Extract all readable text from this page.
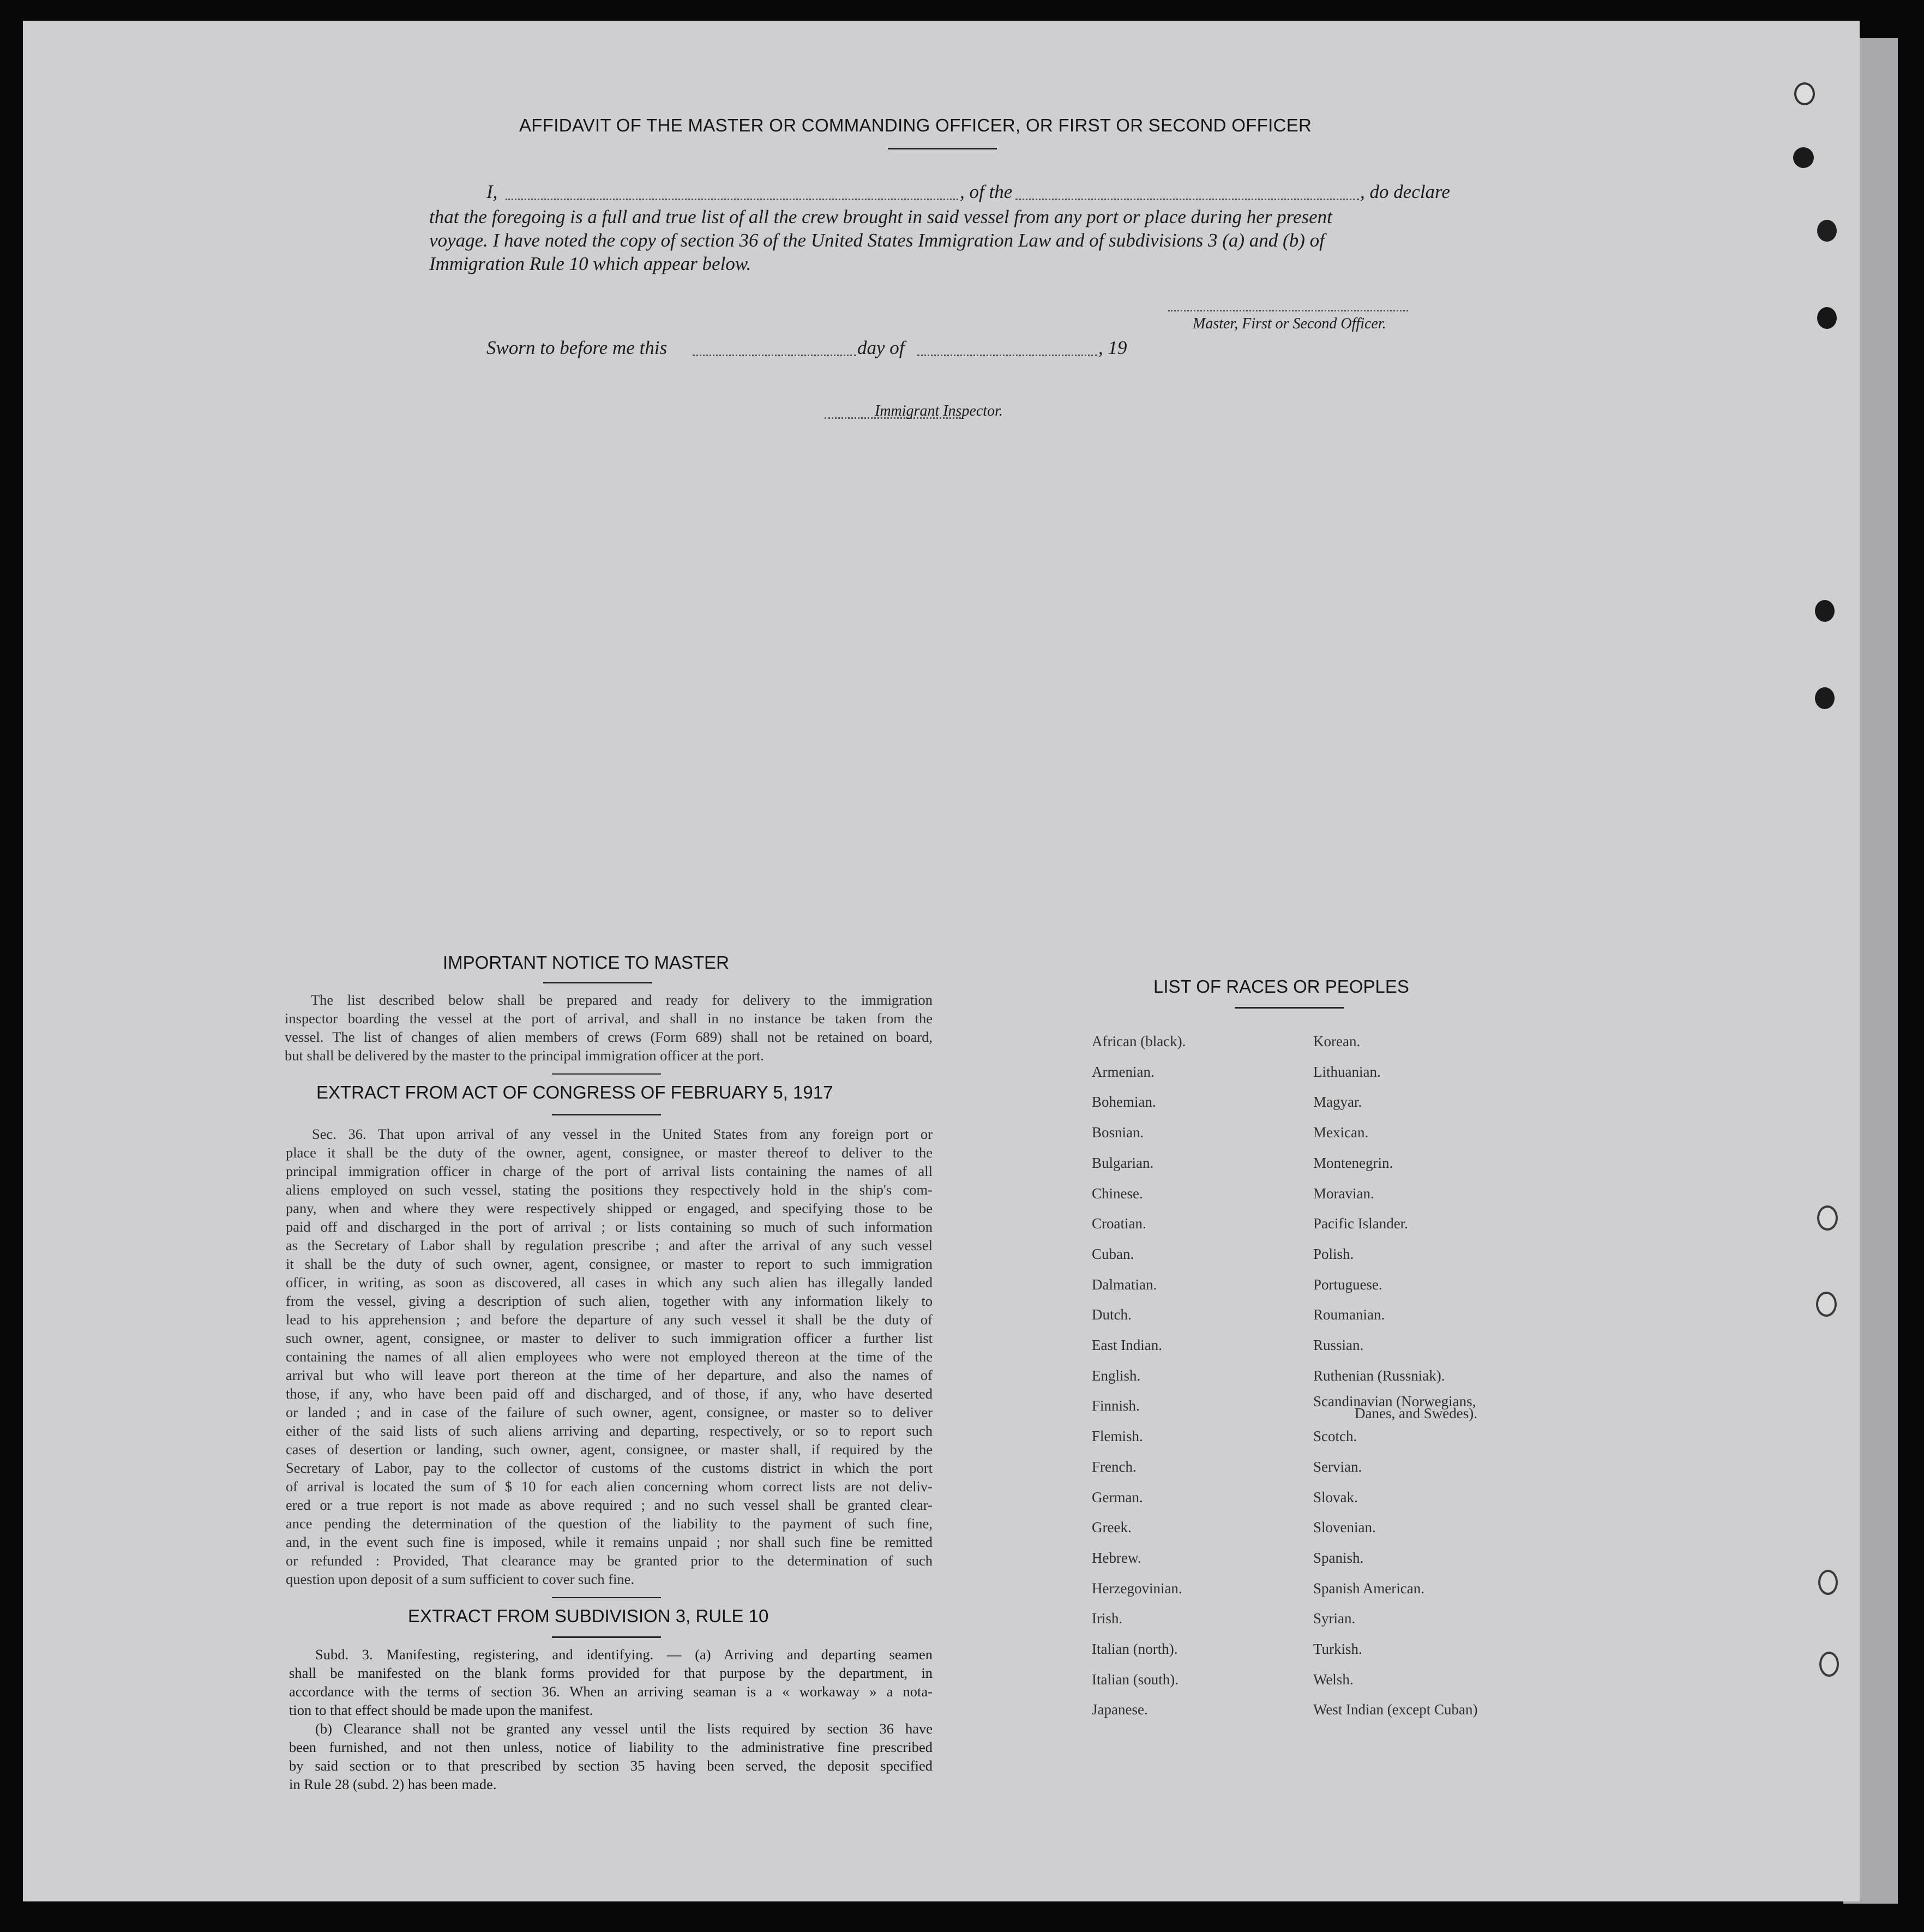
AFFIDAVIT OF THE MASTER OR COMMANDING OFFICER, OR FIRST OR SECOND OFFICER
I,	, of the	, do declare
that the foregoing is a full and true list of all the crew brought in said vessel from any port or place during her present
voyage. I have noted the copy of section 36 of the United States Immigration Law and of subdivisions 3 (a) and (b) of
Immigration Rule 10 which appear below.
Master, First or Second Officer.
Sworn to before me this	day of	, 19
Immigrant Inspector.
IMPORTANT NOTICE TO MASTER
The list described below shall be prepared and ready for delivery to the immigration
inspector boarding the vessel at the port of arrival, and shall in no instance be taken from the
vessel. The list of changes of alien members of crews (Form 689) shall not be retained on board,
but shall be delivered by the master to the principal immigration officer at the port.
EXTRACT FROM ACT OF CONGRESS OF FEBRUARY 5, 1917
Sec. 36. That upon arrival of any vessel in the United States from any foreign port or
place it shall be the duty of the owner, agent, consignee, or master thereof to deliver to the
principal immigration officer in charge of the port of arrival lists containing the names of all
aliens employed on such vessel, stating the positions they respectively hold in the ship's com-
pany, when and where they were respectively shipped or engaged, and specifying those to be
paid off and discharged in the port of arrival ; or lists containing so much of such information
as the Secretary of Labor shall by regulation prescribe ; and after the arrival of any such vessel
it shall be the duty of such owner, agent, consignee, or master to report to such immigration
officer, in writing, as soon as discovered, all cases in which any such alien has illegally landed
from the vessel, giving a description of such alien, together with any information likely to
lead to his apprehension ; and before the departure of any such vessel it shall be the duty of
such owner, agent, consignee, or master to deliver to such immigration officer a further list
containing the names of all alien employees who were not employed thereon at the time of the
arrival but who will leave port thereon at the time of her departure, and also the names of
those, if any, who have been paid off and discharged, and of those, if any, who have deserted
or landed ; and in case of the failure of such owner, agent, consignee, or master so to deliver
either of the said lists of such aliens arriving and departing, respectively, or so to report such
cases of desertion or landing, such owner, agent, consignee, or master shall, if required by the
Secretary of Labor, pay to the collector of customs of the customs district in which the port
of arrival is located the sum of $ 10 for each alien concerning whom correct lists are not deliv-
ered or a true report is not made as above required ; and no such vessel shall be granted clear-
ance pending the determination of the question of the liability to the payment of such fine,
and, in the event such fine is imposed, while it remains unpaid ; nor shall such fine be remitted
or refunded : Provided, That clearance may be granted prior to the determination of such
question upon deposit of a sum sufficient to cover such fine.
EXTRACT FROM SUBDIVISION 3, RULE 10
Subd. 3. Manifesting, registering, and identifying. — (a) Arriving and departing seamen
shall be manifested on the blank forms provided for that purpose by the department, in
accordance with the terms of section 36. When an arriving seaman is a « workaway » a nota-
tion to that effect should be made upon the manifest.
(b) Clearance shall not be granted any vessel until the lists required by section 36 have
been furnished, and not then unless, notice of liability to the administrative fine prescribed
by said section or to that prescribed by section 35 having been served, the deposit specified
in Rule 28 (subd. 2) has been made.
LIST OF RACES OR PEOPLES
African (black).
Armenian.
Bohemian.
Bosnian.
Bulgarian.
Chinese.
Croatian.
Cuban.
Dalmatian.
Dutch.
East Indian.
English.
Finnish.
Flemish.
French.
German.
Greek.
Hebrew.
Herzegovinian.
Irish.
Italian (north).
Italian (south).
Japanese.
Korean.
Lithuanian.
Magyar.
Mexican.
Montenegrin.
Moravian.
Pacific Islander.
Polish.
Portuguese.
Roumanian.
Russian.
Ruthenian (Russniak).
Scandinavian (Norwegians,
Scotch.
Servian.
Slovak.
Slovenian.
Spanish.
Spanish American.
Syrian.
Turkish.
Welsh.
West Indian (except Cuban)
Danes, and Swedes).
